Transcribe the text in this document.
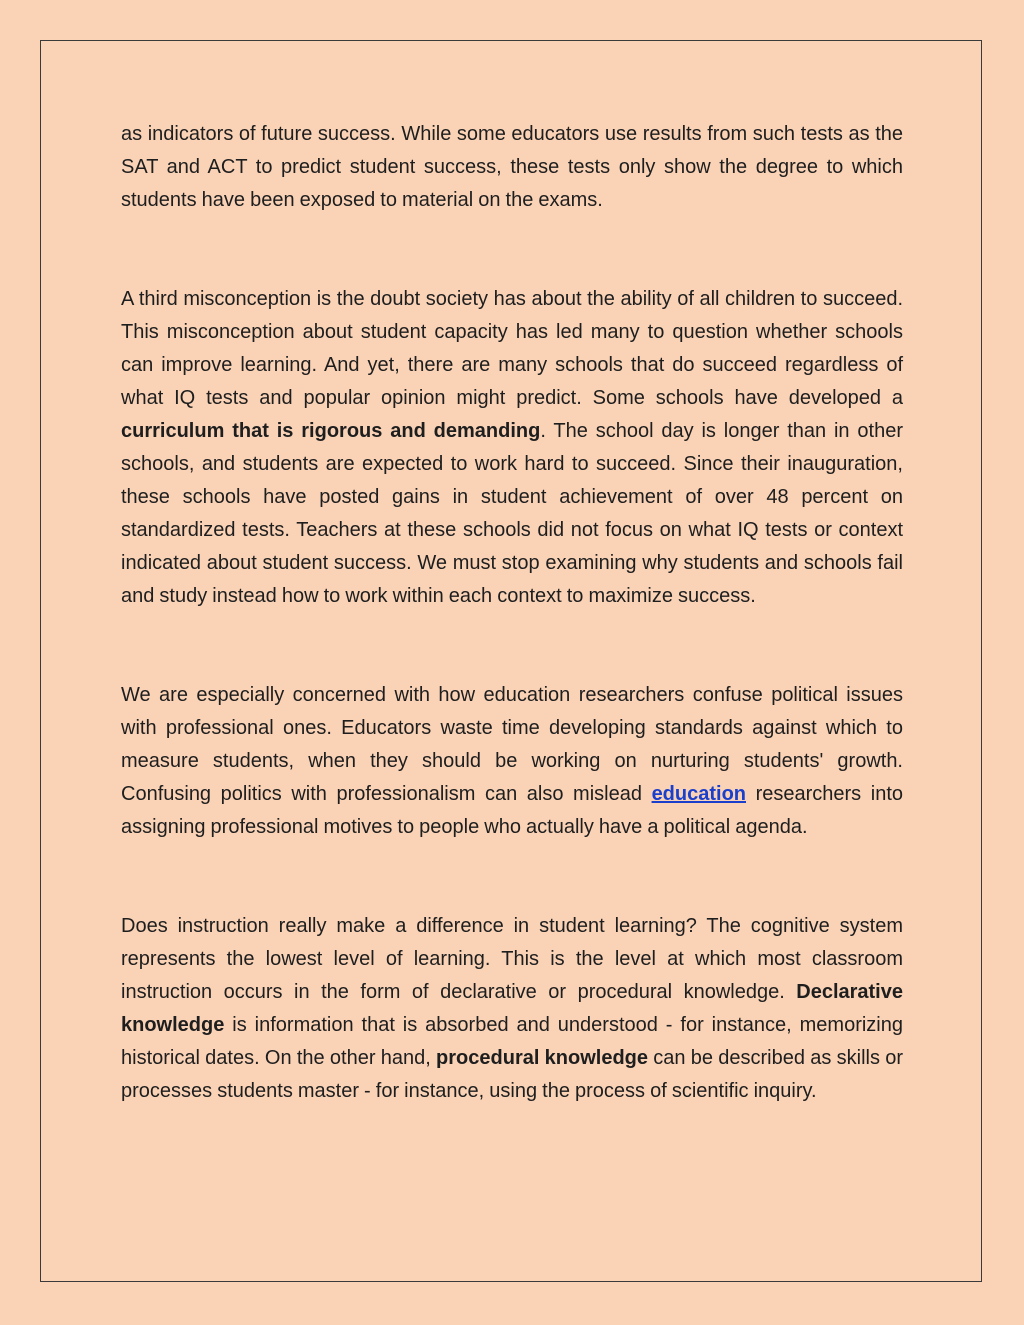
as indicators of future success. While some educators use results from such tests as the SAT and ACT to predict student success, these tests only show the degree to which students have been exposed to material on the exams.

A third misconception is the doubt society has about the ability of all children to succeed. This misconception about student capacity has led many to question whether schools can improve learning. And yet, there are many schools that do succeed regardless of what IQ tests and popular opinion might predict. Some schools have developed a curriculum that is rigorous and demanding. The school day is longer than in other schools, and students are expected to work hard to succeed. Since their inauguration, these schools have posted gains in student achievement of over 48 percent on standardized tests. Teachers at these schools did not focus on what IQ tests or context indicated about student success. We must stop examining why students and schools fail and study instead how to work within each context to maximize success.

We are especially concerned with how education researchers confuse political issues with professional ones. Educators waste time developing standards against which to measure students, when they should be working on nurturing students' growth. Confusing politics with professionalism can also mislead education researchers into assigning professional motives to people who actually have a political agenda.

Does instruction really make a difference in student learning? The cognitive system represents the lowest level of learning. This is the level at which most classroom instruction occurs in the form of declarative or procedural knowledge. Declarative knowledge is information that is absorbed and understood - for instance, memorizing historical dates. On the other hand, procedural knowledge can be described as skills or processes students master - for instance, using the process of scientific inquiry.
